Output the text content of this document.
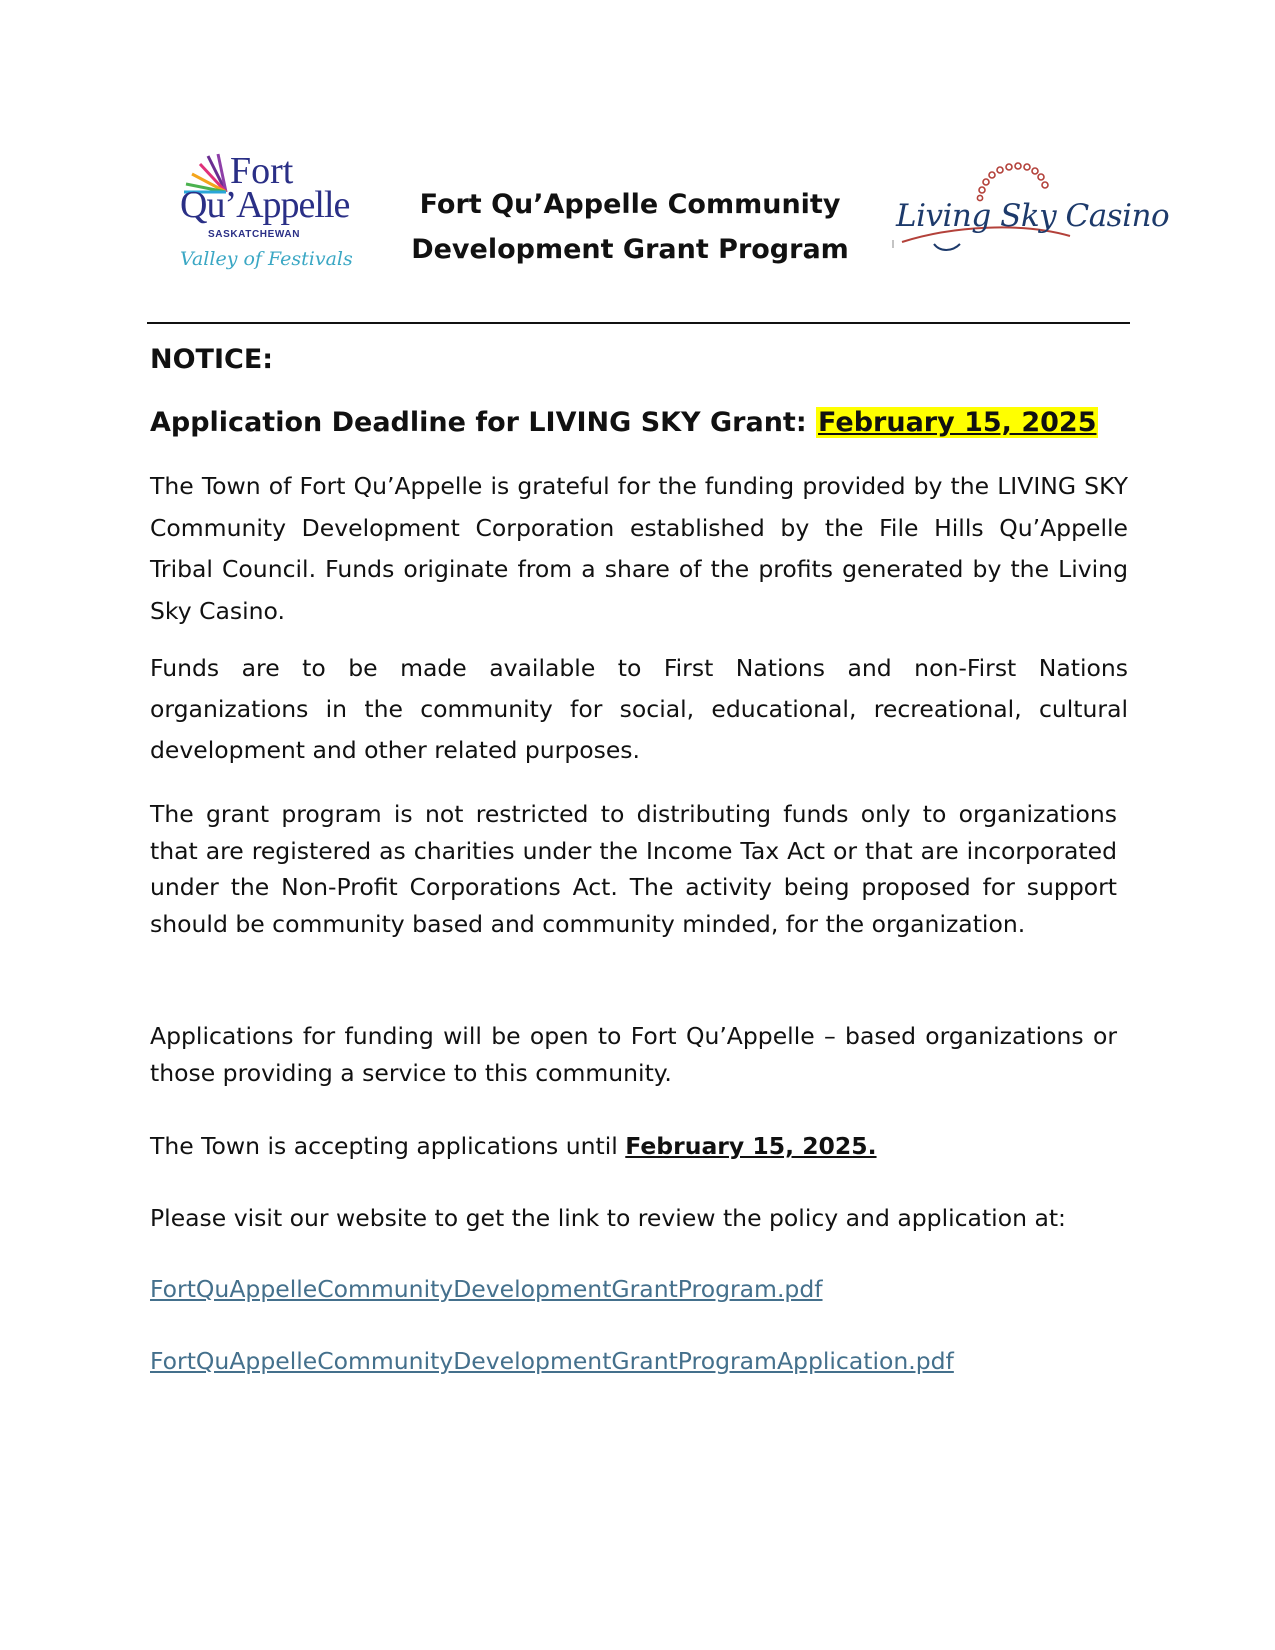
Fort
Qu’Appelle
SASKATCHEWAN
Valley of Festivals
Fort Qu’Appelle Community
Development Grant Program
Living Sky Casino
NOTICE:
Application Deadline for LIVING SKY Grant: February 15, 2025
The Town of Fort Qu’Appelle is grateful for the funding provided by the LIVING SKY Community Development Corporation established by the File Hills Qu’Appelle Tribal Council. Funds originate from a share of the profits generated by the Living Sky Casino.
Funds are to be made available to First Nations and non-First Nations organizations in the community for social, educational, recreational, cultural development and other related purposes.
The grant program is not restricted to distributing funds only to organizations that are registered as charities under the Income Tax Act or that are incorporated under the Non-Profit Corporations Act. The activity being proposed for support should be community based and community minded, for the organization.
Applications for funding will be open to Fort Qu’Appelle – based organizations or those providing a service to this community.
The Town is accepting applications until February 15, 2025.
Please visit our website to get the link to review the policy and application at:
FortQuAppelleCommunityDevelopmentGrantProgram.pdf
FortQuAppelleCommunityDevelopmentGrantProgramApplication.pdf
